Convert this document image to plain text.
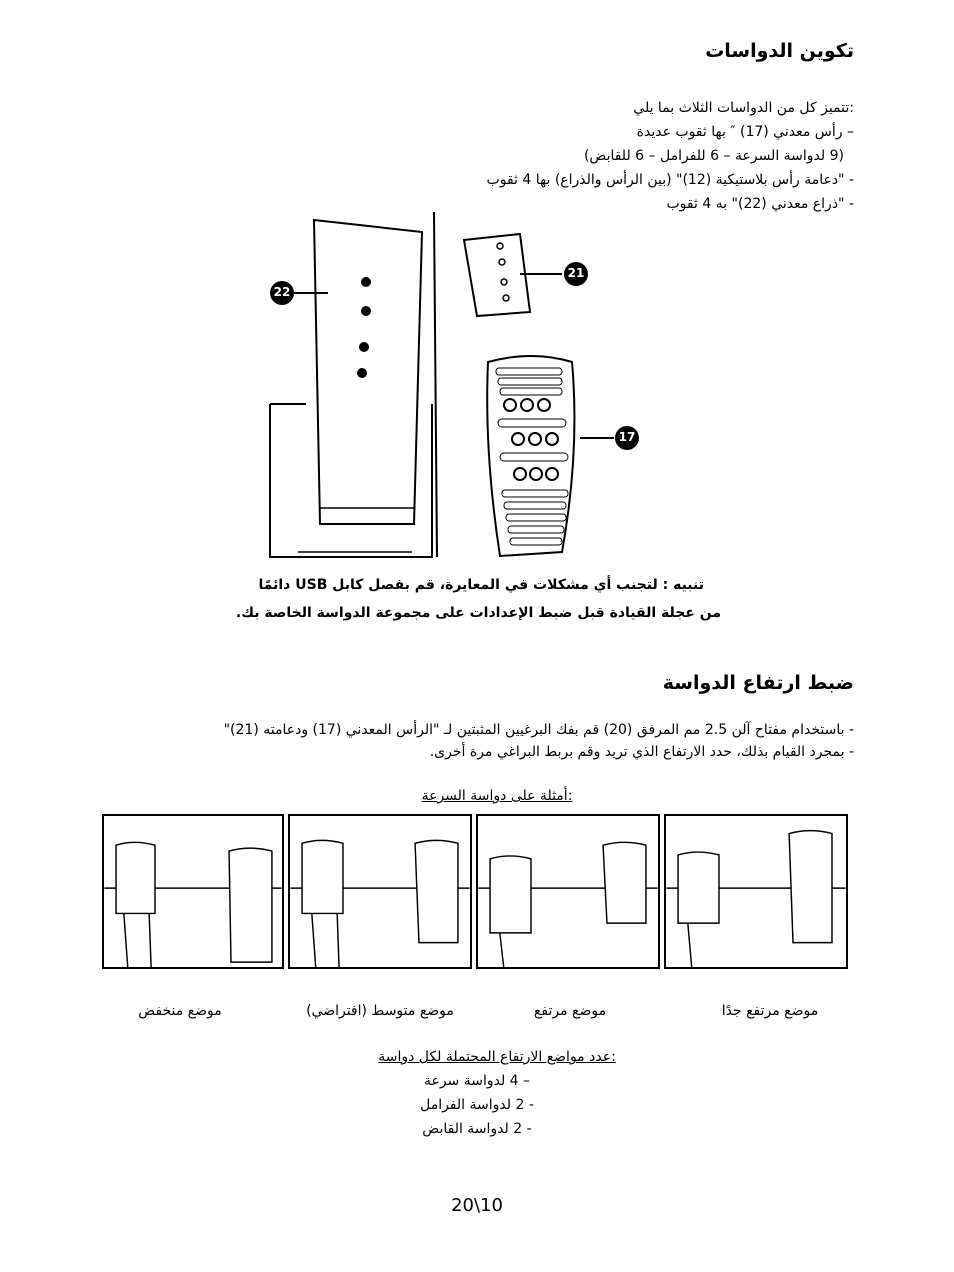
تكوين الدواسات
:تتميز كل من الدواسات الثلاث بما يلي
– رأس معدني (17) ″ بها ثقوب عديدة
(9 لدواسة السرعة – 6 للفرامل – 6 للقابض)
- "دعامة رأس بلاستيكية (12)" (بين الرأس والذراع) بها 4 ثقوب
- "ذراع معدني (22)" به 4 ثقوب
22
21
17
تنبيه : لتجنب أي مشكلات في المعايرة، قم بفصل كابل USB دائمًا
من عجلة القيادة قبل ضبط الإعدادات على مجموعة الدواسة الخاصة بك.
ضبط ارتفاع الدواسة
- باستخدام مفتاح آلن 2.5 مم المرفق (20) قم بفك البرغيين المثبتين لـ "الرأس المعدني (17) ودعامته (21)"
- بمجرد القيام بذلك، حدد الارتفاع الذي تريد وقم بربط البراغي مرة أخرى.
:أمثلة على دواسة السرعة
موضع مرتفع جدًا
موضع مرتفع
موضع متوسط (افتراضي)
موضع منخفض
:عدد مواضع الارتفاع المحتملة لكل دواسة
– 4 لدواسة سرعة
- 2 لدواسة الفرامل
- 2 لدواسة القابض
20\10
